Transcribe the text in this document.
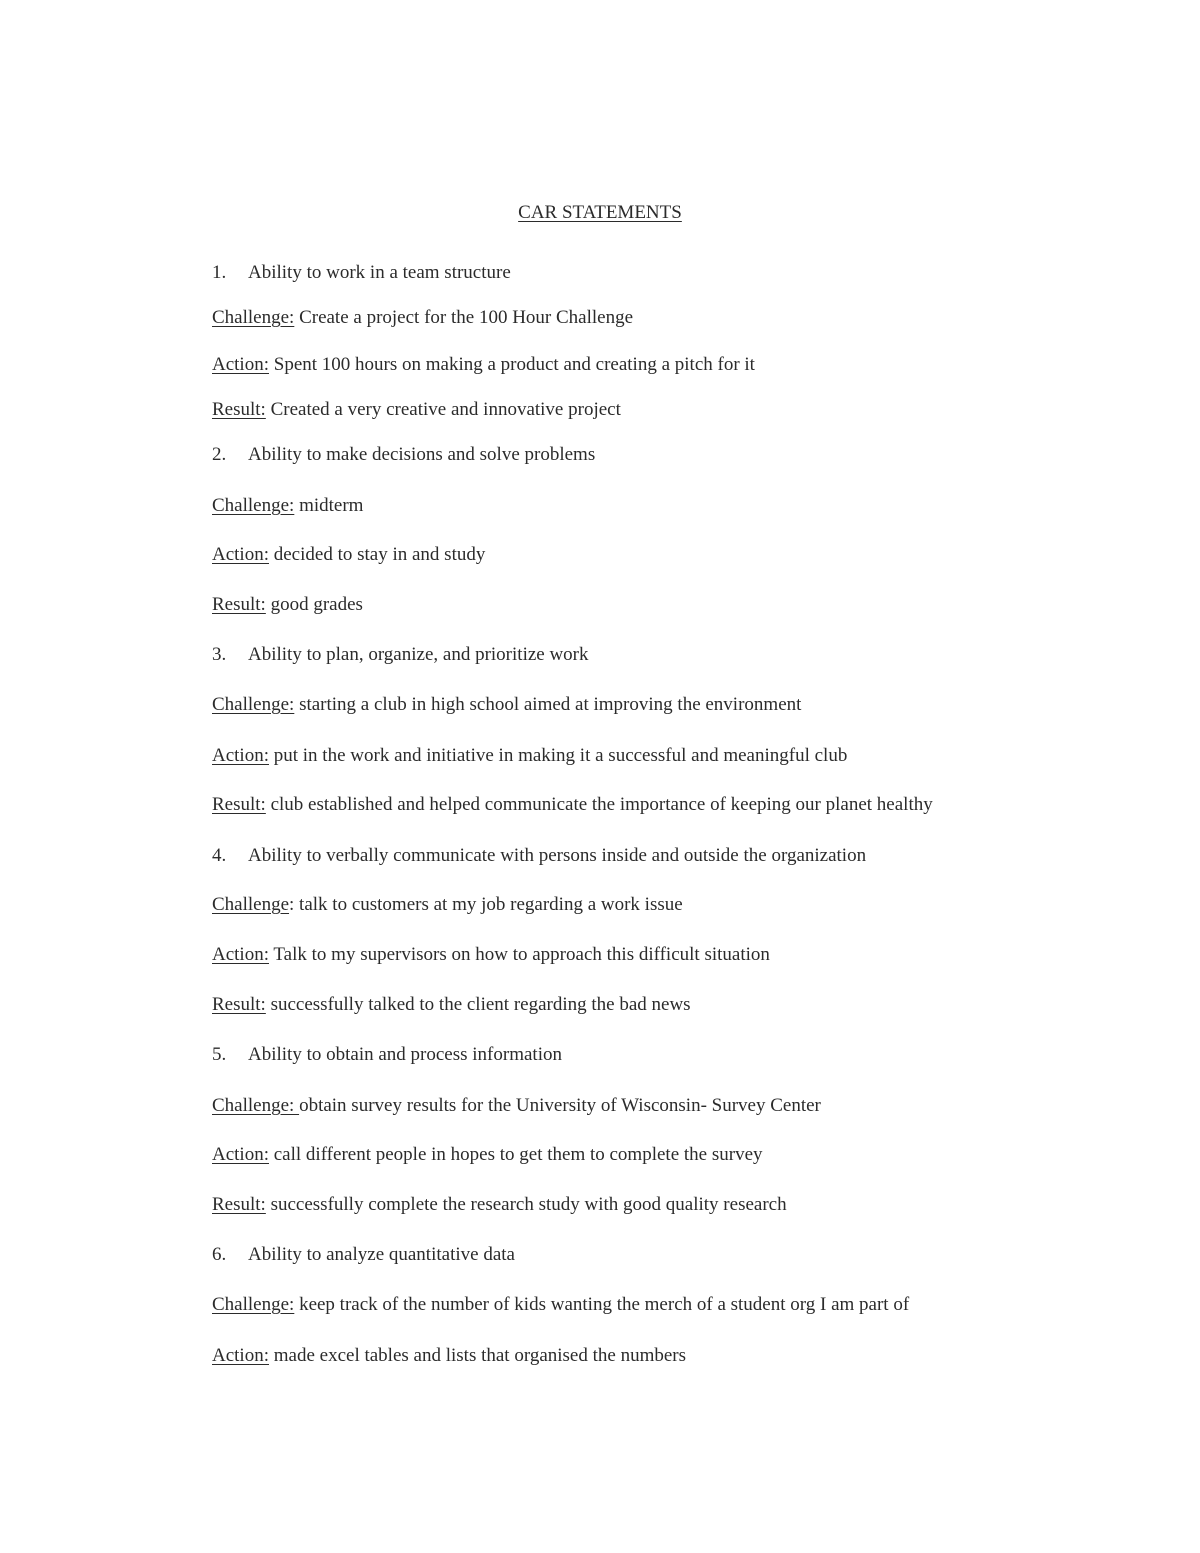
CAR STATEMENTS
1. Ability to work in a team structure
Challenge: Create a project for the 100 Hour Challenge
Action: Spent 100 hours on making a product and creating a pitch for it
Result: Created a very creative and innovative project
2. Ability to make decisions and solve problems
Challenge: midterm
Action: decided to stay in and study
Result: good grades
3. Ability to plan, organize, and prioritize work
Challenge: starting a club in high school aimed at improving the environment
Action: put in the work and initiative in making it a successful and meaningful club
Result: club established and helped communicate the importance of keeping our planet healthy
4. Ability to verbally communicate with persons inside and outside the organization
Challenge: talk to customers at my job regarding a work issue
Action: Talk to my supervisors on how to approach this difficult situation
Result: successfully talked to the client regarding the bad news
5. Ability to obtain and process information
Challenge: obtain survey results for the University of Wisconsin- Survey Center
Action: call different people in hopes to get them to complete the survey
Result: successfully complete the research study with good quality research
6. Ability to analyze quantitative data
Challenge: keep track of the number of kids wanting the merch of a student org I am part of
Action: made excel tables and lists that organised the numbers
